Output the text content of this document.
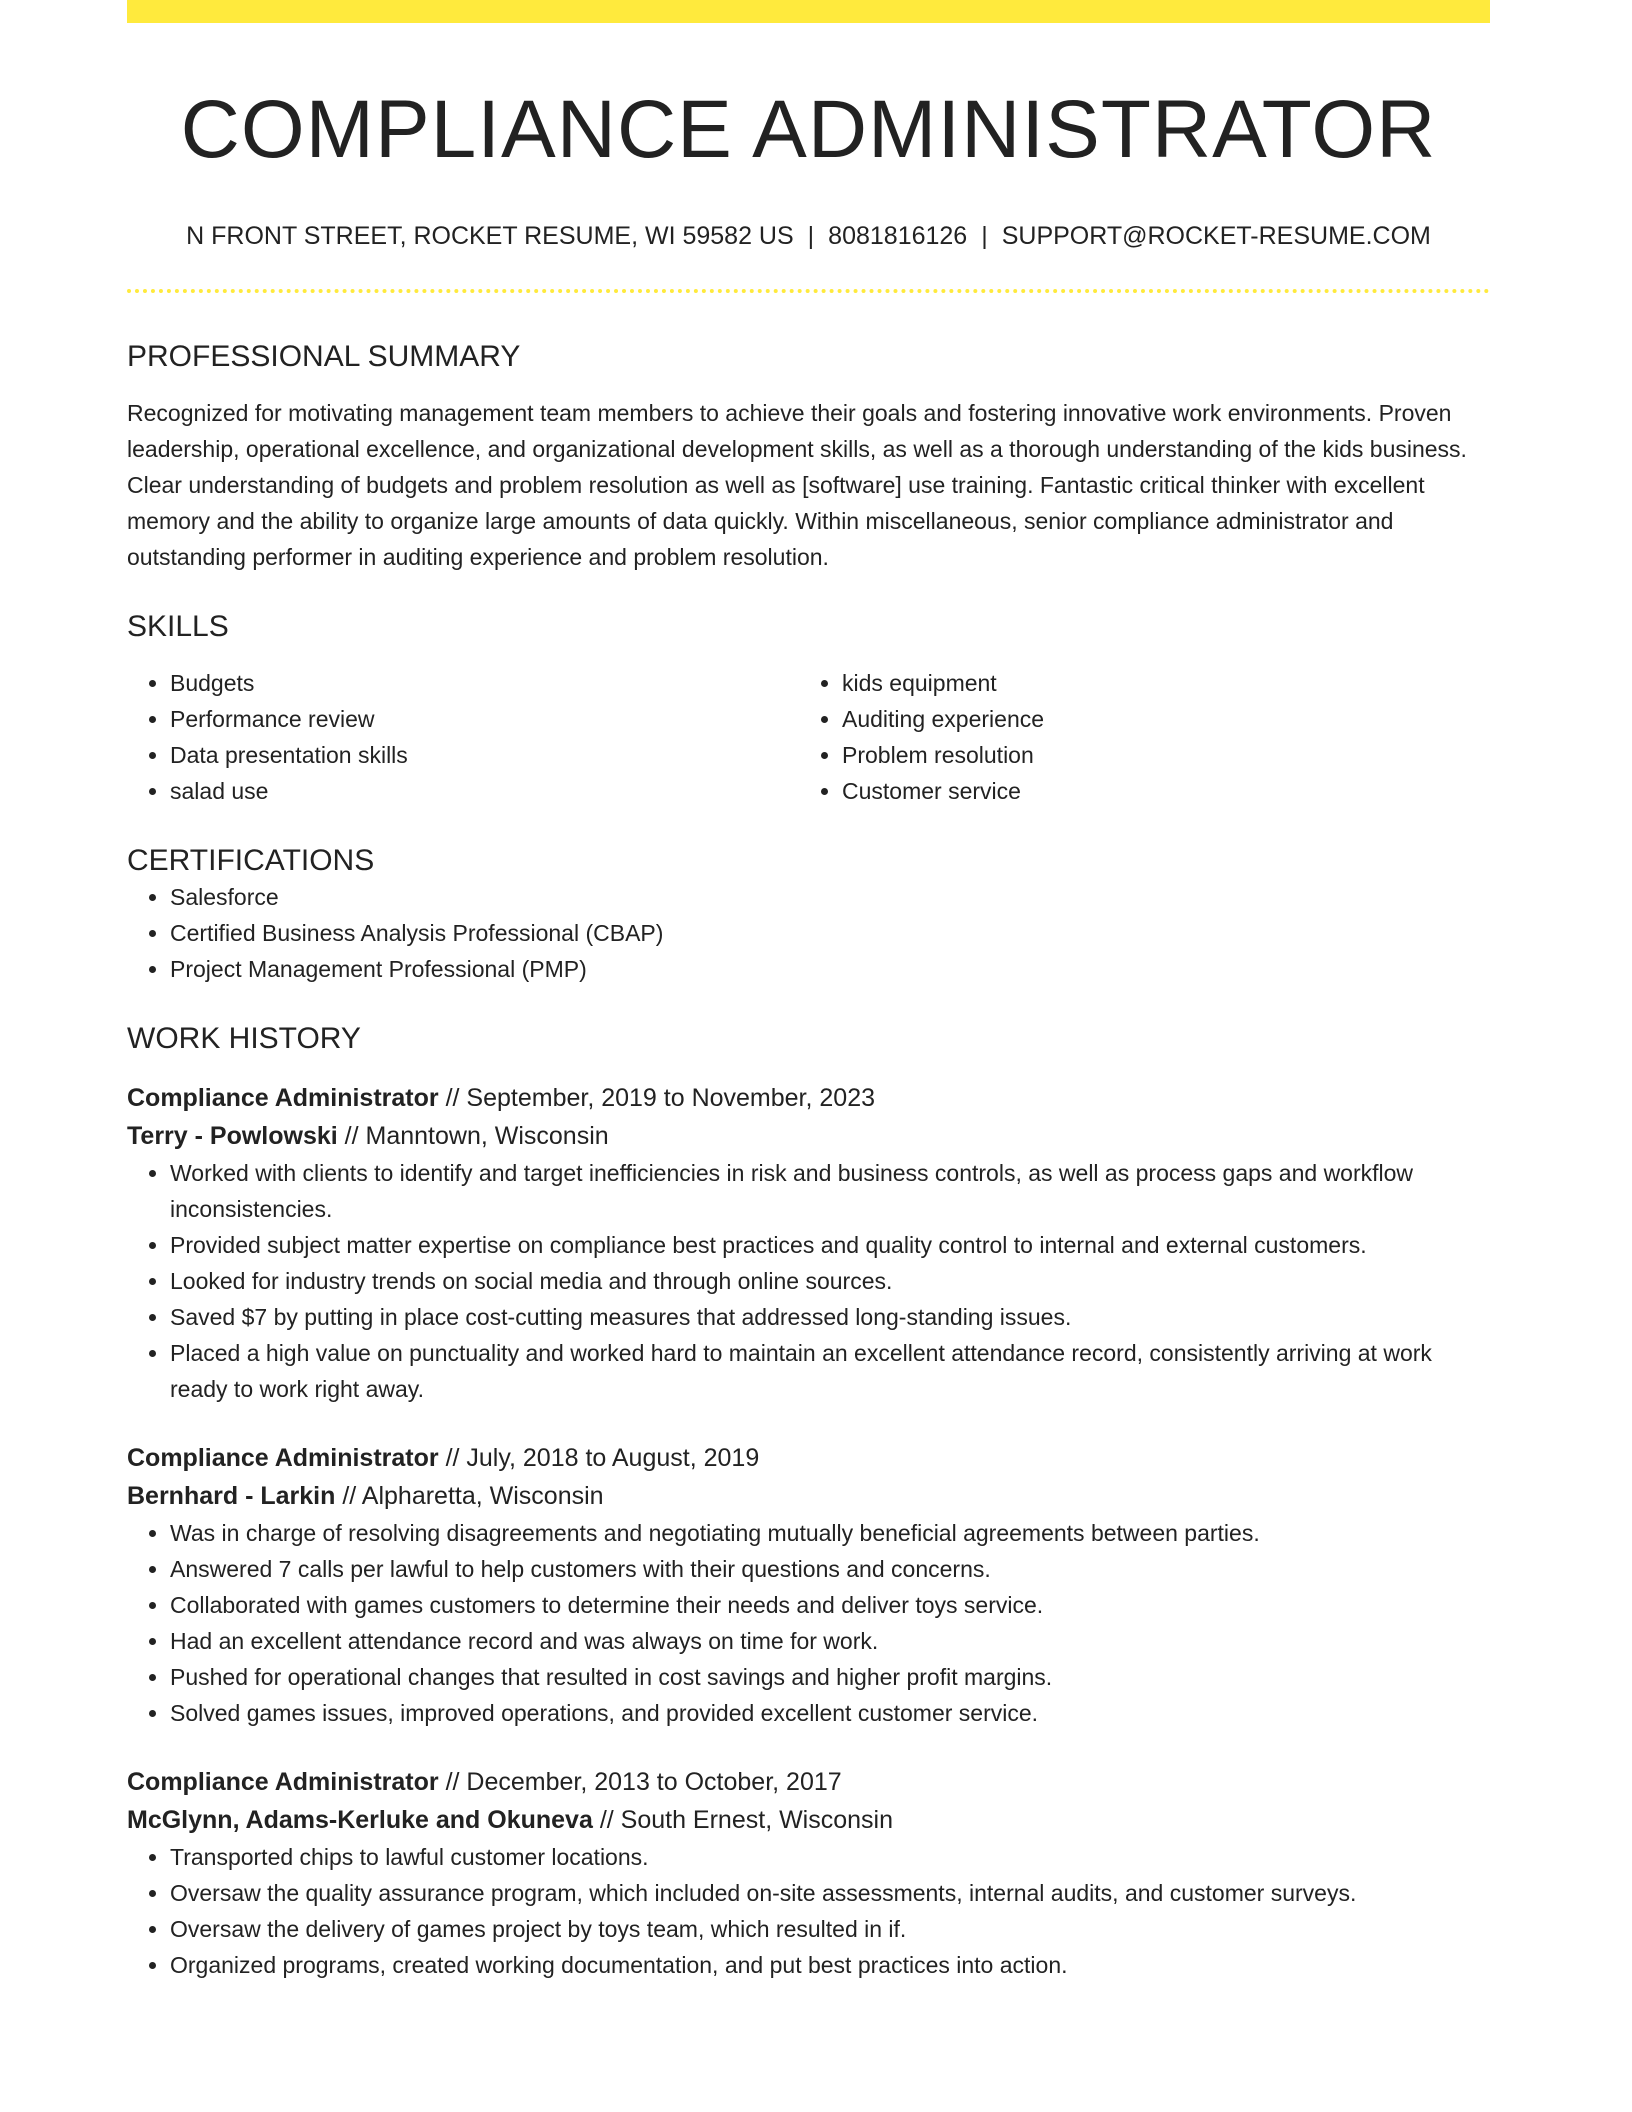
COMPLIANCE ADMINISTRATOR
N FRONT STREET, ROCKET RESUME, WI 59582 US | 8081816126 | SUPPORT@ROCKET-RESUME.COM
PROFESSIONAL SUMMARY
Recognized for motivating management team members to achieve their goals and fostering innovative work environments. Proven leadership, operational excellence, and organizational development skills, as well as a thorough understanding of the kids business. Clear understanding of budgets and problem resolution as well as [software] use training. Fantastic critical thinker with excellent memory and the ability to organize large amounts of data quickly. Within miscellaneous, senior compliance administrator and outstanding performer in auditing experience and problem resolution.
SKILLS
• Budgets
• Performance review
• Data presentation skills
• salad use
• kids equipment
• Auditing experience
• Problem resolution
• Customer service
CERTIFICATIONS
• Salesforce
• Certified Business Analysis Professional (CBAP)
• Project Management Professional (PMP)
WORK HISTORY
Compliance Administrator // September, 2019 to November, 2023
Terry - Powlowski // Manntown, Wisconsin
• Worked with clients to identify and target inefficiencies in risk and business controls, as well as process gaps and workflow inconsistencies.
• Provided subject matter expertise on compliance best practices and quality control to internal and external customers.
• Looked for industry trends on social media and through online sources.
• Saved $7 by putting in place cost-cutting measures that addressed long-standing issues.
• Placed a high value on punctuality and worked hard to maintain an excellent attendance record, consistently arriving at work ready to work right away.
Compliance Administrator // July, 2018 to August, 2019
Bernhard - Larkin // Alpharetta, Wisconsin
• Was in charge of resolving disagreements and negotiating mutually beneficial agreements between parties.
• Answered 7 calls per lawful to help customers with their questions and concerns.
• Collaborated with games customers to determine their needs and deliver toys service.
• Had an excellent attendance record and was always on time for work.
• Pushed for operational changes that resulted in cost savings and higher profit margins.
• Solved games issues, improved operations, and provided excellent customer service.
Compliance Administrator // December, 2013 to October, 2017
McGlynn, Adams-Kerluke and Okuneva // South Ernest, Wisconsin
• Transported chips to lawful customer locations.
• Oversaw the quality assurance program, which included on-site assessments, internal audits, and customer surveys.
• Oversaw the delivery of games project by toys team, which resulted in if.
• Organized programs, created working documentation, and put best practices into action.
